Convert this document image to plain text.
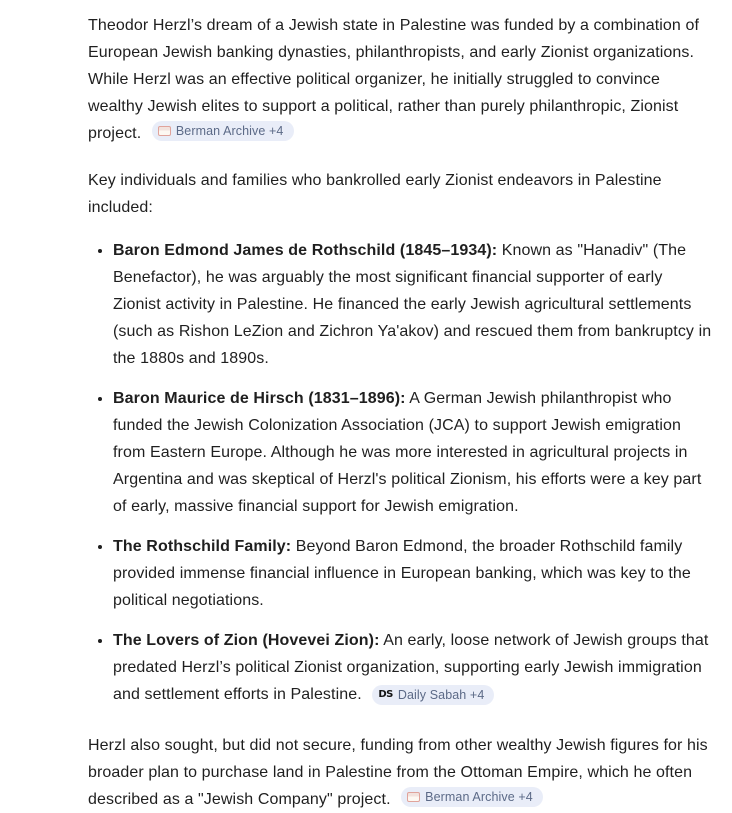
Theodor Herzl’s dream of a Jewish state in Palestine was funded by a combination of European Jewish banking dynasties, philanthropists, and early Zionist organizations. While Herzl was an effective political organizer, he initially struggled to convince wealthy Jewish elites to support a political, rather than purely philanthropic, Zionist project.	Berman Archive +4

Key individuals and families who bankrolled early Zionist endeavors in Palestine included:

• Baron Edmond James de Rothschild (1845–1934): Known as "Hanadiv" (The Benefactor), he was arguably the most significant financial supporter of early Zionist activity in Palestine. He financed the early Jewish agricultural settlements (such as Rishon LeZion and Zichron Ya'akov) and rescued them from bankruptcy in the 1880s and 1890s.
• Baron Maurice de Hirsch (1831–1896): A German Jewish philanthropist who funded the Jewish Colonization Association (JCA) to support Jewish emigration from Eastern Europe. Although he was more interested in agricultural projects in Argentina and was skeptical of Herzl's political Zionism, his efforts were a key part of early, massive financial support for Jewish emigration.
• The Rothschild Family: Beyond Baron Edmond, the broader Rothschild family provided immense financial influence in European banking, which was key to the political negotiations.
• The Lovers of Zion (Hovevei Zion): An early, loose network of Jewish groups that predated Herzl’s political Zionist organization, supporting early Jewish immigration and settlement efforts in Palestine. DS Daily Sabah +4

Herzl also sought, but did not secure, funding from other wealthy Jewish figures for his broader plan to purchase land in Palestine from the Ottoman Empire, which he often described as a "Jewish Company" project.	Berman Archive +4
